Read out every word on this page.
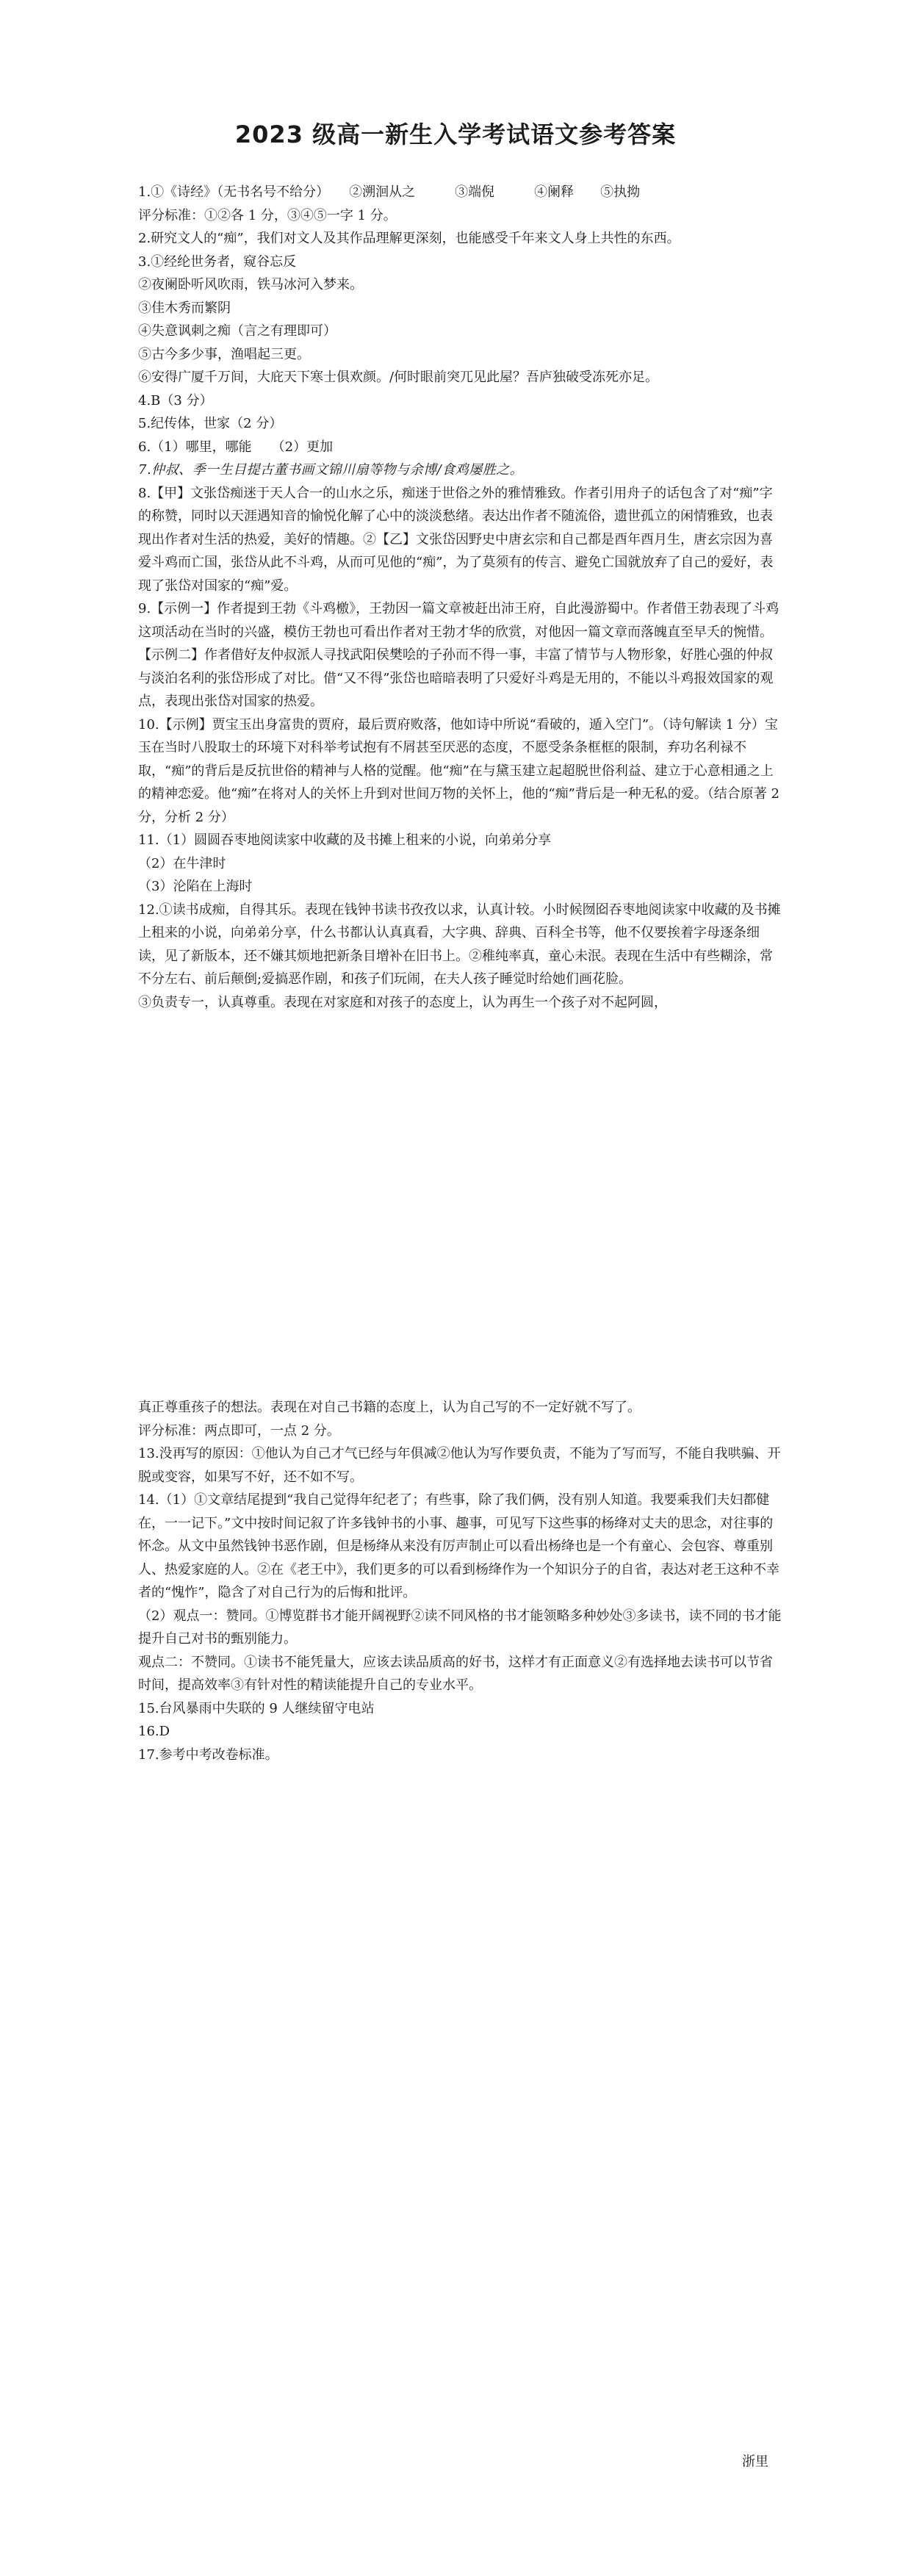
2023 级高一新生入学考试语文参考答案

1.①《诗经》（无书名号不给分）　　②溯洄从之　　　③端倪　　　④阑释　　⑤执拗

评分标准：①②各 1 分，③④⑤一字 1 分。

2.研究文人的“痴”，我们对文人及其作品理解更深刻，也能感受千年来文人身上共性的东西。

3.①经纶世务者，窥谷忘反

②夜阑卧听风吹雨，铁马冰河入梦来。

③佳木秀而繁阴

④失意讽刺之痴（言之有理即可）

⑤古今多少事，渔唱起三更。

⑥安得广厦千万间，大庇天下寒士俱欢颜。/何时眼前突兀见此屋？吾庐独破受冻死亦足。

4.B（3 分）

5.纪传体，世家（2 分）

6.（1）哪里，哪能　　（2）更加

7.仲叔、季一生目提古董书画文锦川扇等物与余博/食鸡屡胜之。

8.【甲】文张岱痴迷于天人合一的山水之乐，痴迷于世俗之外的雅情雅致。作者引用舟子的话包含了对“痴”字的称赞，同时以天涯遇知音的愉悦化解了心中的淡淡愁绪。表达出作者不随流俗，遗世孤立的闲情雅致，也表现出作者对生活的热爱，美好的情趣。②【乙】文张岱因野史中唐玄宗和自己都是酉年酉月生，唐玄宗因为喜爱斗鸡而亡国，张岱从此不斗鸡，从而可见他的“痴”，为了莫须有的传言、避免亡国就放弃了自己的爱好，表现了张岱对国家的“痴”爱。

9.【示例一】作者提到王勃《斗鸡檄》，王勃因一篇文章被赶出沛王府，自此漫游蜀中。作者借王勃表现了斗鸡这项活动在当时的兴盛，模仿王勃也可看出作者对王勃才华的欣赏，对他因一篇文章而落魄直至早夭的惋惜。

【示例二】作者借好友仲叔派人寻找武阳侯樊哙的子孙而不得一事，丰富了情节与人物形象，好胜心强的仲叔与淡泊名利的张岱形成了对比。借“又不得”张岱也暗暗表明了只爱好斗鸡是无用的，不能以斗鸡报效国家的观点，表现出张岱对国家的热爱。

10.【示例】贾宝玉出身富贵的贾府，最后贾府败落，他如诗中所说“看破的，遁入空门”。（诗句解读 1 分）宝玉在当时八股取士的环境下对科举考试抱有不屑甚至厌恶的态度，不愿受条条框框的限制，弃功名利禄不取，“痴”的背后是反抗世俗的精神与人格的觉醒。他“痴”在与黛玉建立起超脱世俗利益、建立于心意相通之上的精神恋爱。他“痴”在将对人的关怀上升到对世间万物的关怀上，他的“痴”背后是一种无私的爱。（结合原著 2 分，分析 2 分）

11.（1）圆圆吞枣地阅读家中收藏的及书摊上租来的小说，向弟弟分享

（2）在牛津时

（3）沦陷在上海时

12.①读书成痴，自得其乐。表现在钱钟书读书孜孜以求，认真计较。小时候囫囵吞枣地阅读家中收藏的及书摊上租来的小说，向弟弟分享，什么书都认认真真看，大字典、辞典、百科全书等，他不仅要挨着字母逐条细读，见了新版本，还不嫌其烦地把新条目增补在旧书上。②稚纯率真，童心未泯。表现在生活中有些糊涂，常不分左右、前后颠倒;爱搞恶作剧，和孩子们玩闹，在夫人孩子睡觉时给她们画花脸。

③负责专一，认真尊重。表现在对家庭和对孩子的态度上，认为再生一个孩子对不起阿圆，

真正尊重孩子的想法。表现在对自己书籍的态度上，认为自己写的不一定好就不写了。

评分标准：两点即可，一点 2 分。

13.没再写的原因：①他认为自己才气已经与年俱减②他认为写作要负责，不能为了写而写，不能自我哄骗、开脱或变容，如果写不好，还不如不写。

14.（1）①文章结尾提到“我自己觉得年纪老了；有些事，除了我们俩，没有别人知道。我要乘我们夫妇都健在，一一记下。”文中按时间记叙了许多钱钟书的小事、趣事，可见写下这些事的杨绛对丈夫的思念，对往事的怀念。从文中虽然钱钟书恶作剧，但是杨绛从来没有厉声制止可以看出杨绛也是一个有童心、会包容、尊重别人、热爱家庭的人。②在《老王中》，我们更多的可以看到杨绛作为一个知识分子的自省，表达对老王这种不幸者的“愧怍”，隐含了对自己行为的后悔和批评。

（2）观点一：赞同。①博览群书才能开阔视野②读不同风格的书才能领略多种妙处③多读书，读不同的书才能提升自己对书的甄别能力。

观点二：不赞同。①读书不能凭量大，应该去读品质高的好书，这样才有正面意义②有选择地去读书可以节省时间，提高效率③有针对性的精读能提升自己的专业水平。

15.台风暴雨中失联的 9 人继续留守电站

16.D

17.参考中考改卷标准。

浙里
